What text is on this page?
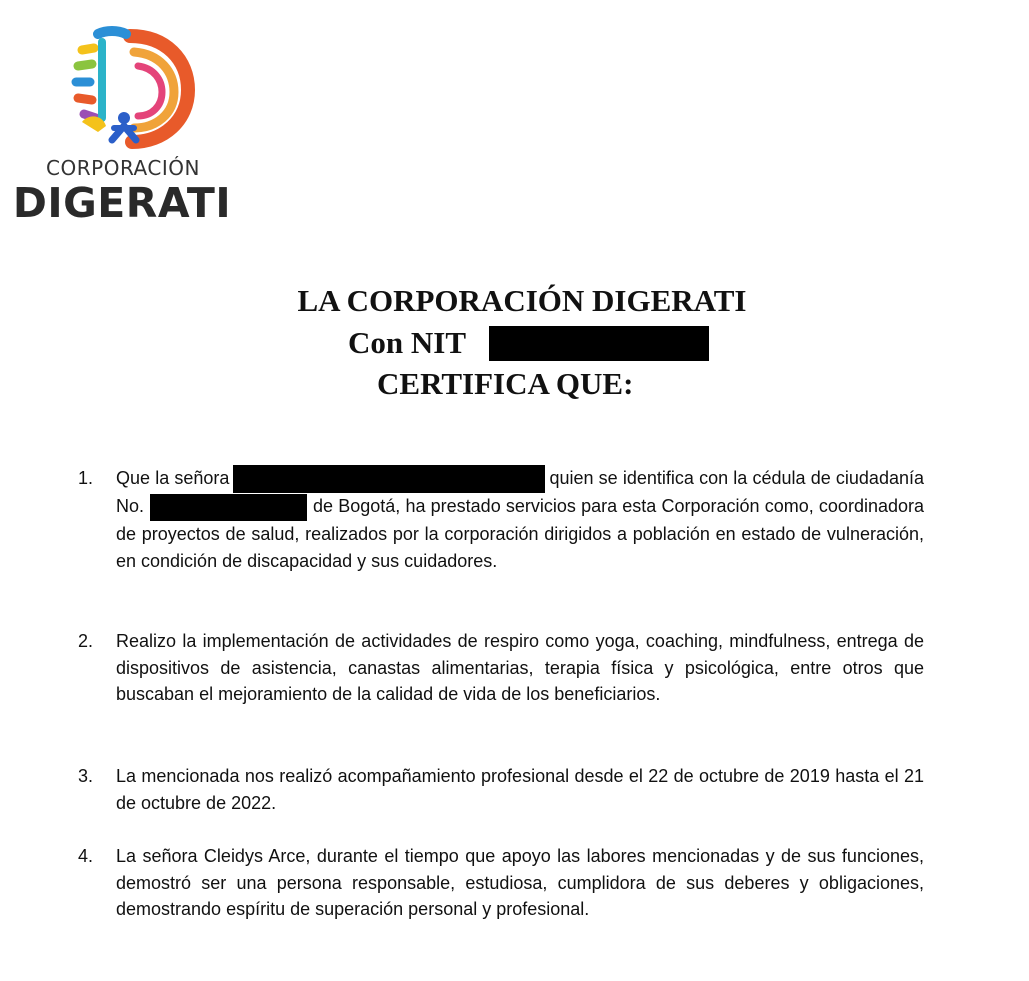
CORPORACIÓN
DIGERATI
LA CORPORACIÓN DIGERATI
Con NIT
CERTIFICA QUE:
1. Que la señora	quien se identifica con la cédula de ciudadanía No.	de Bogotá, ha prestado servicios para esta Corporación como, coordinadora de proyectos de salud, realizados por la corporación dirigidos a población en estado de vulneración, en condición de discapacidad y sus cuidadores.
2. Realizo la implementación de actividades de respiro como yoga, coaching, mindfulness, entrega de dispositivos de asistencia, canastas alimentarias, terapia física y psicológica, entre otros que buscaban el mejoramiento de la calidad de vida de los beneficiarios.
3. La mencionada nos realizó acompañamiento profesional desde el 22 de octubre de 2019 hasta el 21 de octubre de 2022.
4. La señora Cleidys Arce, durante el tiempo que apoyo las labores mencionadas y de sus funciones, demostró ser una persona responsable, estudiosa, cumplidora de sus deberes y obligaciones, demostrando espíritu de superación personal y profesional.
